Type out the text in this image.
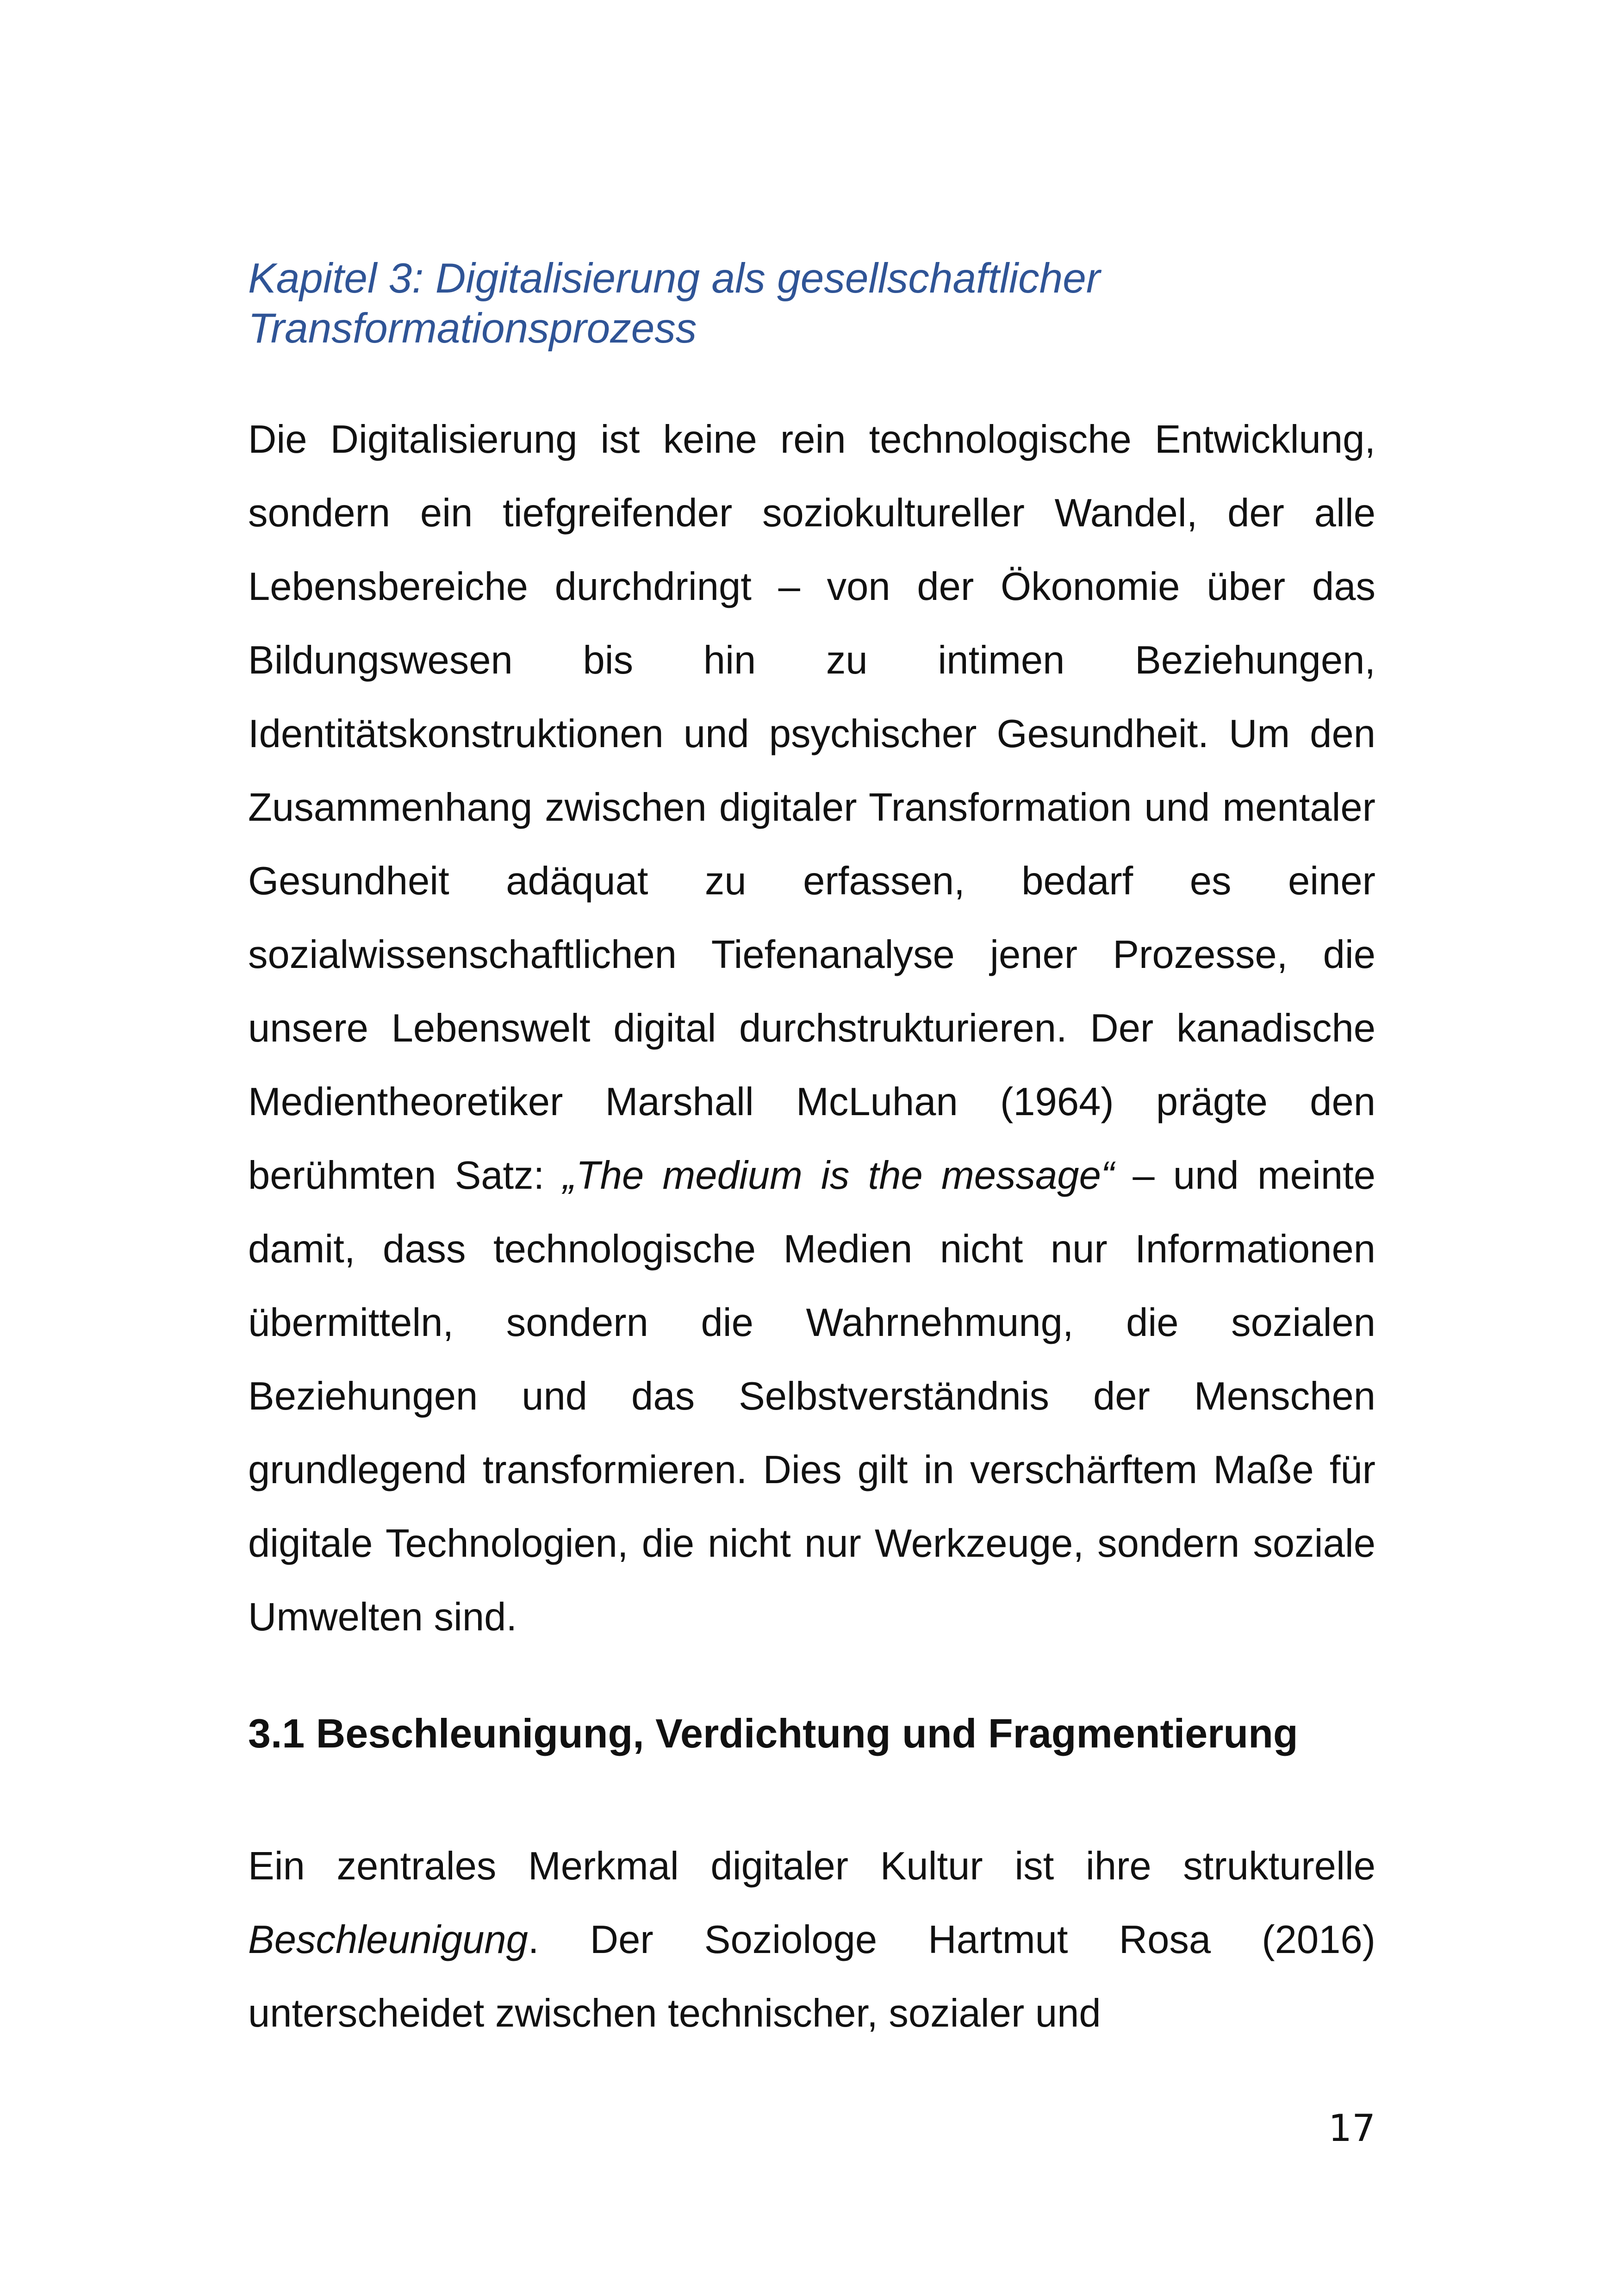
Kapitel 3: Digitalisierung als gesellschaftlicher
Transformationsprozess

Die Digitalisierung ist keine rein technologische Entwicklung, sondern ein tiefgreifender soziokultureller Wandel, der alle Lebensbereiche durchdringt – von der Ökonomie über das Bildungswesen bis hin zu intimen Beziehungen, Identitätskonstruktionen und psychischer Gesundheit. Um den Zusammenhang zwischen digitaler Transformation und mentaler Gesundheit adäquat zu erfassen, bedarf es einer sozialwissenschaftlichen Tiefenanalyse jener Prozesse, die unsere Lebenswelt digital durchstrukturieren. Der kanadische Medientheoretiker Marshall McLuhan (1964) prägte den berühmten Satz: „The medium is the message“ – und meinte damit, dass technologische Medien nicht nur Informationen übermitteln, sondern die Wahrnehmung, die sozialen Beziehungen und das Selbstverständnis der Menschen grundlegend transformieren. Dies gilt in verschärftem Maße für digitale Technologien, die nicht nur Werkzeuge, sondern soziale Umwelten sind.

3.1 Beschleunigung, Verdichtung und Fragmentierung

Ein zentrales Merkmal digitaler Kultur ist ihre strukturelle Beschleunigung. Der Soziologe Hartmut Rosa (2016) unterscheidet zwischen technischer, sozialer und

17
